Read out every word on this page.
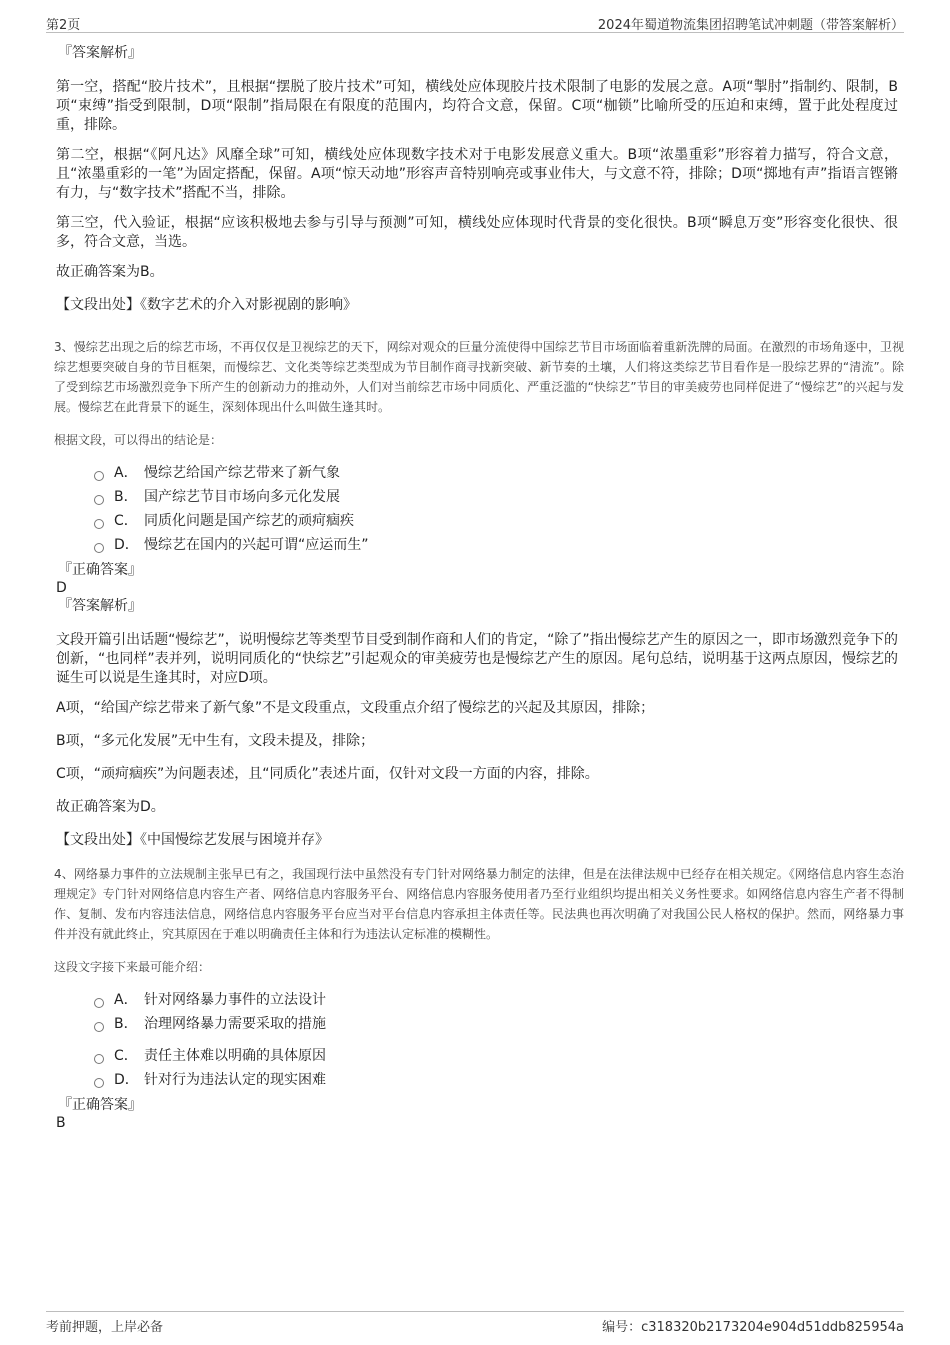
第2页	2024年蜀道物流集团招聘笔试冲刺题（带答案解析）
『答案解析』

第一空，搭配“胶片技术”，且根据“摆脱了胶片技术”可知，横线处应体现胶片技术限制了电影的发展之意。A项“掣肘”指制约、限制，B项“束缚”指受到限制，D项“限制”指局限在有限度的范围内，均符合文意，保留。C项“枷锁”比喻所受的压迫和束缚，置于此处程度过重，排除。

第二空，根据“《阿凡达》风靡全球”可知，横线处应体现数字技术对于电影发展意义重大。B项“浓墨重彩”形容着力描写，符合文意，且“浓墨重彩的一笔”为固定搭配，保留。A项“惊天动地”形容声音特别响亮或事业伟大，与文意不符，排除；D项“掷地有声”指语言铿锵有力，与“数字技术”搭配不当，排除。

第三空，代入验证，根据“应该积极地去参与引导与预测”可知，横线处应体现时代背景的变化很快。B项“瞬息万变”形容变化很快、很多，符合文意，当选。

故正确答案为B。

【文段出处】《数字艺术的介入对影视剧的影响》

3、慢综艺出现之后的综艺市场，不再仅仅是卫视综艺的天下，网综对观众的巨量分流使得中国综艺节目市场面临着重新洗牌的局面。在激烈的市场角逐中，卫视综艺想要突破自身的节目框架，而慢综艺、文化类等综艺类型成为节目制作商寻找新突破、新节奏的土壤，人们将这类综艺节目看作是一股综艺界的“清流”。除了受到综艺市场激烈竞争下所产生的创新动力的推动外，人们对当前综艺市场中同质化、严重泛滥的“快综艺”节目的审美疲劳也同样促进了“慢综艺”的兴起与发展。慢综艺在此背景下的诞生，深刻体现出什么叫做生逢其时。
根据文段，可以得出的结论是：
A． 慢综艺给国产综艺带来了新气象
B． 国产综艺节目市场向多元化发展
C． 同质化问题是国产综艺的顽疴痼疾
D． 慢综艺在国内的兴起可谓“应运而生”
『正确答案』
D
『答案解析』

文段开篇引出话题“慢综艺”，说明慢综艺等类型节目受到制作商和人们的肯定，“除了”指出慢综艺产生的原因之一，即市场激烈竞争下的创新，“也同样”表并列，说明同质化的“快综艺”引起观众的审美疲劳也是慢综艺产生的原因。尾句总结，说明基于这两点原因，慢综艺的诞生可以说是生逢其时，对应D项。

A项，“给国产综艺带来了新气象”不是文段重点，文段重点介绍了慢综艺的兴起及其原因，排除；

B项，“多元化发展”无中生有，文段未提及，排除；

C项，“顽疴痼疾”为问题表述，且“同质化”表述片面，仅针对文段一方面的内容，排除。

故正确答案为D。

【文段出处】《中国慢综艺发展与困境并存》

4、网络暴力事件的立法规制主张早已有之，我国现行法中虽然没有专门针对网络暴力制定的法律，但是在法律法规中已经存在相关规定。《网络信息内容生态治理规定》专门针对网络信息内容生产者、网络信息内容服务平台、网络信息内容服务使用者乃至行业组织均提出相关义务性要求。如网络信息内容生产者不得制作、复制、发布内容违法信息，网络信息内容服务平台应当对平台信息内容承担主体责任等。民法典也再次明确了对我国公民人格权的保护。然而，网络暴力事件并没有就此终止，究其原因在于难以明确责任主体和行为违法认定标准的模糊性。
这段文字接下来最可能介绍：
A． 针对网络暴力事件的立法设计
B． 治理网络暴力需要采取的措施
C． 责任主体难以明确的具体原因
D． 针对行为违法认定的现实困难
『正确答案』
B
考前押题，上岸必备	编号：c318320b2173204e904d51ddb825954a
